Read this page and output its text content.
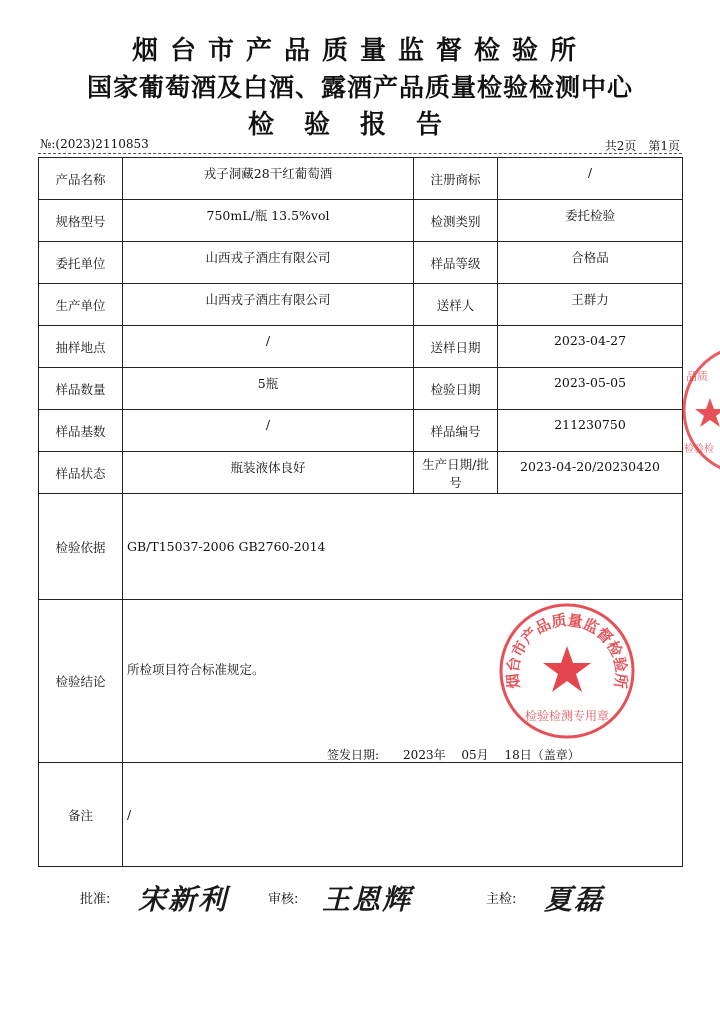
烟台市产品质量监督检验所
国家葡萄酒及白酒、露酒产品质量检验检测中心
检验报告
№:(2023)2110853	共2页　第1页
产品名称	戎子洞藏28干红葡萄酒	注册商标	/
规格型号	750mL/瓶 13.5%vol	检测类别	委托检验
委托单位	山西戎子酒庄有限公司	样品等级	合格品
生产单位	山西戎子酒庄有限公司	送样人	王群力
抽样地点	/	送样日期	2023-04-27
样品数量	5瓶	检验日期	2023-05-05
样品基数	/	样品编号	211230750
样品状态	瓶装液体良好	生产日期/批号	2023-04-20/20230420
检验依据	GB/T15037-2006 GB2760-2014		
检验结论	所检项目符合标准规定。
签发日期:　　2023年　 05月 　18日（盖章）		

备注	/		
烟台市产品质量监督检验所
检验检测专用章
品质
检验检
批准: 宋新利	审核: 王恩辉	主检: 夏磊
